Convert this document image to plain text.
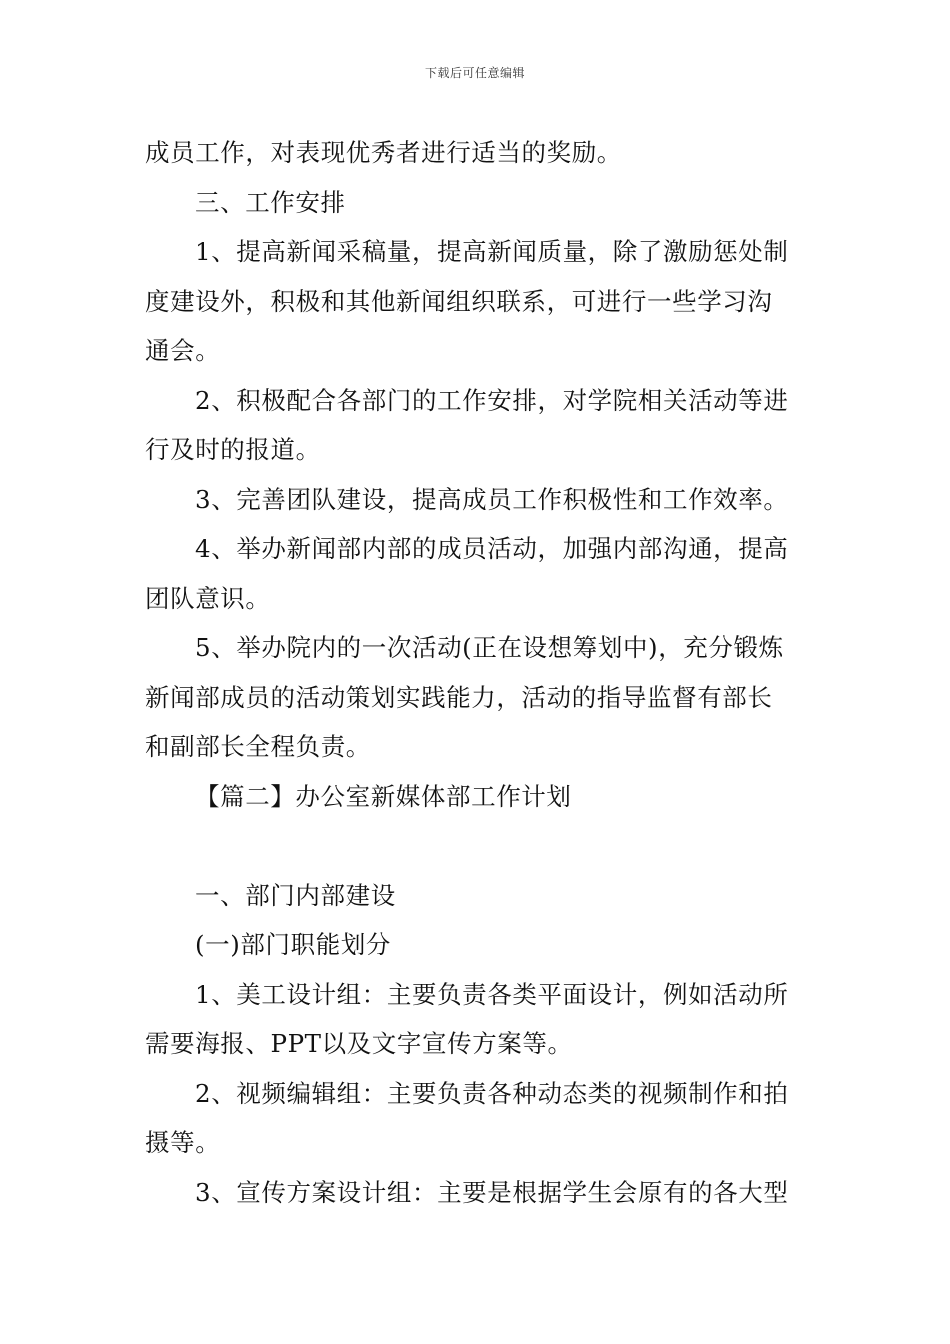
下载后可任意编辑
成员工作，对表现优秀者进行适当的奖励。
三、工作安排
1、提高新闻采稿量，提高新闻质量，除了激励惩处制
度建设外，积极和其他新闻组织联系，可进行一些学习沟
通会。
2、积极配合各部门的工作安排，对学院相关活动等进
行及时的报道。
3、完善团队建设，提高成员工作积极性和工作效率。
4、举办新闻部内部的成员活动，加强内部沟通，提高
团队意识。
5、举办院内的一次活动(正在设想筹划中)，充分锻炼
新闻部成员的活动策划实践能力，活动的指导监督有部长
和副部长全程负责。
【篇二】办公室新媒体部工作计划
一、部门内部建设
(一)部门职能划分
1、美工设计组：主要负责各类平面设计，例如活动所
需要海报、PPT以及文字宣传方案等。
2、视频编辑组：主要负责各种动态类的视频制作和拍
摄等。
3、宣传方案设计组：主要是根据学生会原有的各大型
